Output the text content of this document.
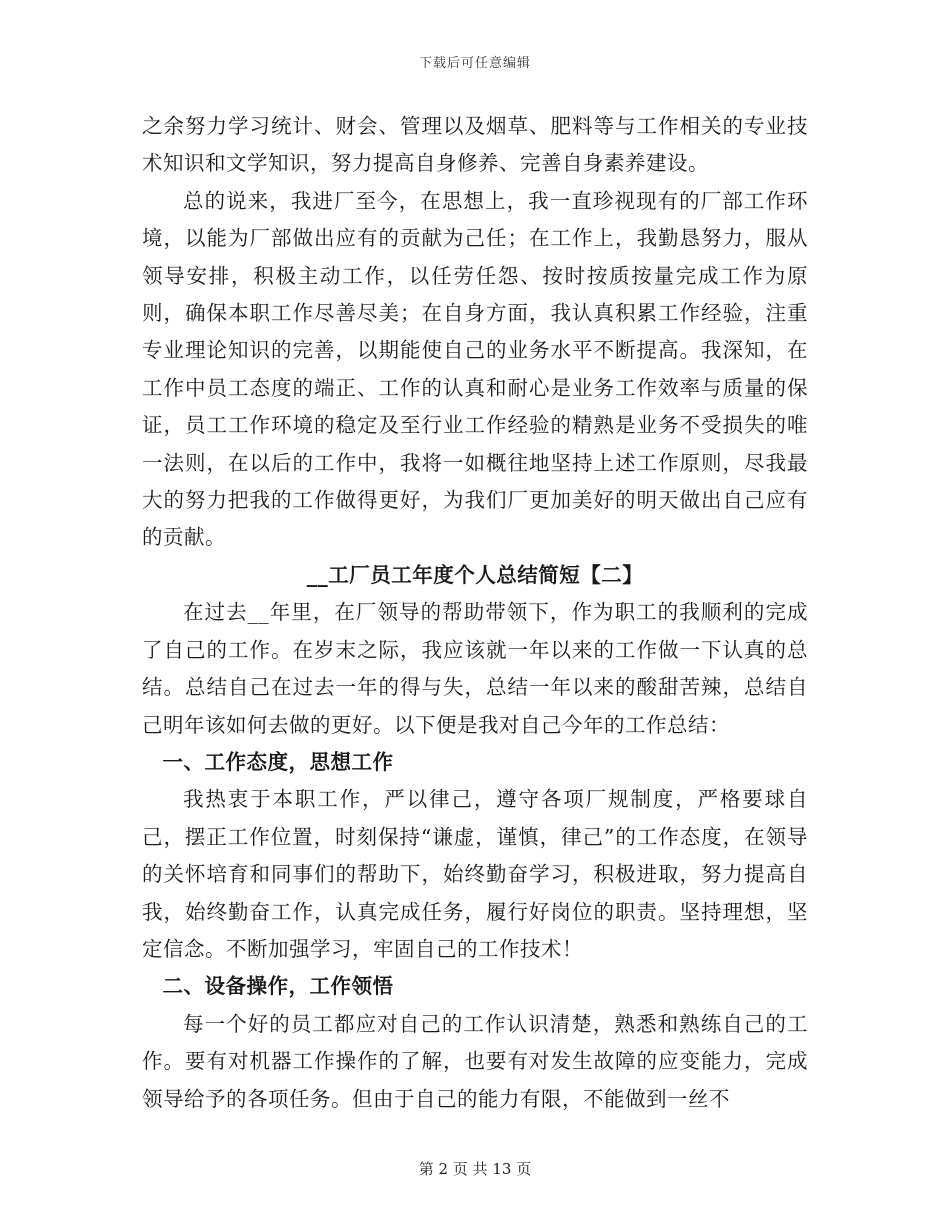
下载后可任意编辑

之余努力学习统计、财会、管理以及烟草、肥料等与工作相关的专业技术知识和文学知识，努力提高自身修养、完善自身素养建设。

总的说来，我进厂至今，在思想上，我一直珍视现有的厂部工作环境，以能为厂部做出应有的贡献为己任；在工作上，我勤恳努力，服从领导安排，积极主动工作，以任劳任怨、按时按质按量完成工作为原则，确保本职工作尽善尽美；在自身方面，我认真积累工作经验，注重专业理论知识的完善，以期能使自己的业务水平不断提高。我深知，在工作中员工态度的端正、工作的认真和耐心是业务工作效率与质量的保证，员工工作环境的稳定及至行业工作经验的精熟是业务不受损失的唯一法则，在以后的工作中，我将一如概往地坚持上述工作原则，尽我最大的努力把我的工作做得更好，为我们厂更加美好的明天做出自己应有的贡献。

__工厂员工年度个人总结简短【二】

在过去__年里，在厂领导的帮助带领下，作为职工的我顺利的完成了自己的工作。在岁末之际，我应该就一年以来的工作做一下认真的总结。总结自己在过去一年的得与失，总结一年以来的酸甜苦辣，总结自己明年该如何去做的更好。以下便是我对自己今年的工作总结：

一、工作态度，思想工作

我热衷于本职工作，严以律己，遵守各项厂规制度，严格要球自己，摆正工作位置，时刻保持“谦虚，谨慎，律己”的工作态度，在领导的关怀培育和同事们的帮助下，始终勤奋学习，积极进取，努力提高自我，始终勤奋工作，认真完成任务，履行好岗位的职责。坚持理想，坚定信念。不断加强学习，牢固自己的工作技术！

二、设备操作，工作领悟

每一个好的员工都应对自己的工作认识清楚，熟悉和熟练自己的工作。要有对机器工作操作的了解，也要有对发生故障的应变能力，完成领导给予的各项任务。但由于自己的能力有限，不能做到一丝不

第 2 页 共 13 页
